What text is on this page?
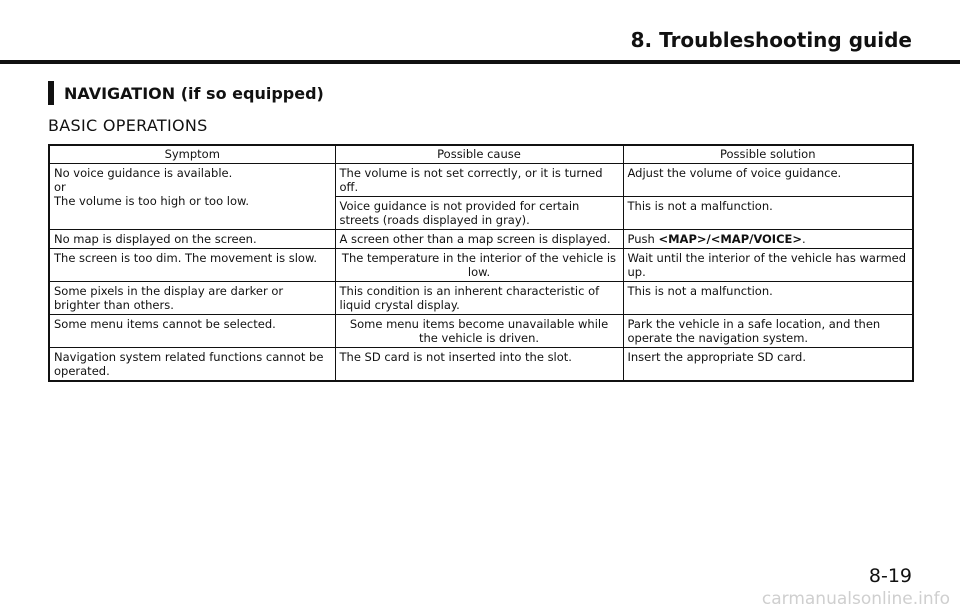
8. Troubleshooting guide
NAVIGATION (if so equipped)
BASIC OPERATIONS
Symptom	Possible cause	Possible solution

No voice guidance is available.
or
The volume is too high or too low.	The volume is not set correctly, or it is turned off.	Adjust the volume of voice guidance.
	Voice guidance is not provided for certain streets (roads displayed in gray).	This is not a malfunction.
No map is displayed on the screen.	A screen other than a map screen is displayed.	Push <MAP>/<MAP/VOICE>.
The screen is too dim. The movement is slow.	The temperature in the interior of the vehicle is low.	Wait until the interior of the vehicle has warmed up.
Some pixels in the display are darker or brighter than others.	This condition is an inherent characteristic of liquid crystal display.	This is not a malfunction.
Some menu items cannot be selected.	Some menu items become unavailable while the vehicle is driven.	Park the vehicle in a safe location, and then operate the navigation system.
Navigation system related functions cannot be operated.	The SD card is not inserted into the slot.	Insert the appropriate SD card.
8-19
carmanualsonline.info
